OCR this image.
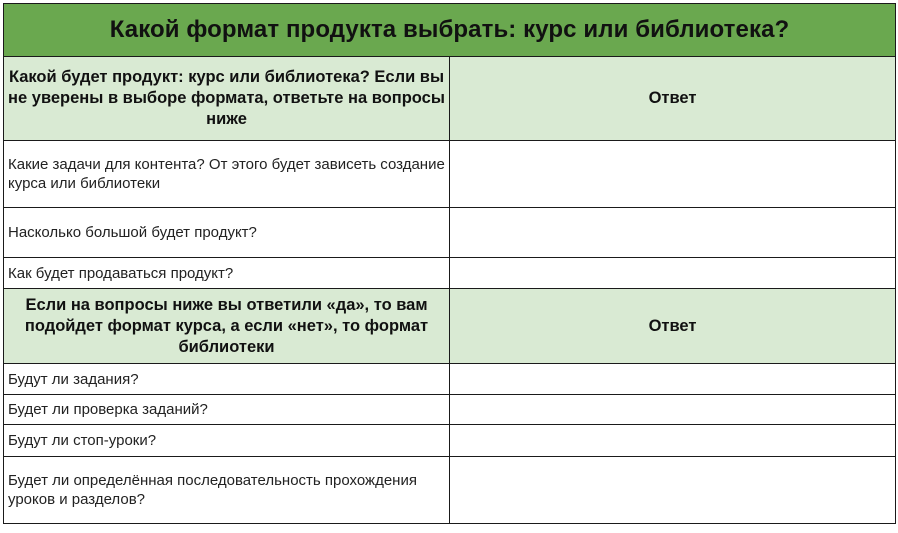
Какой формат продукта выбрать: курс или библиотека?	
Какой будет продукт: курс или библиотека? Если вы не уверены в выборе формата, ответьте на вопросы ниже	Ответ
Какие задачи для контента? От этого будет зависеть создание курса или библиотеки	
Насколько большой будет продукт?	
Как будет продаваться продукт?	
Если на вопросы ниже вы ответили «да», то вам подойдет формат курса, а если «нет», то формат библиотеки	Ответ
Будут ли задания?	
Будет ли проверка заданий?	
Будут ли стоп-уроки?	
Будет ли определённая последовательность прохождения уроков и разделов?	
